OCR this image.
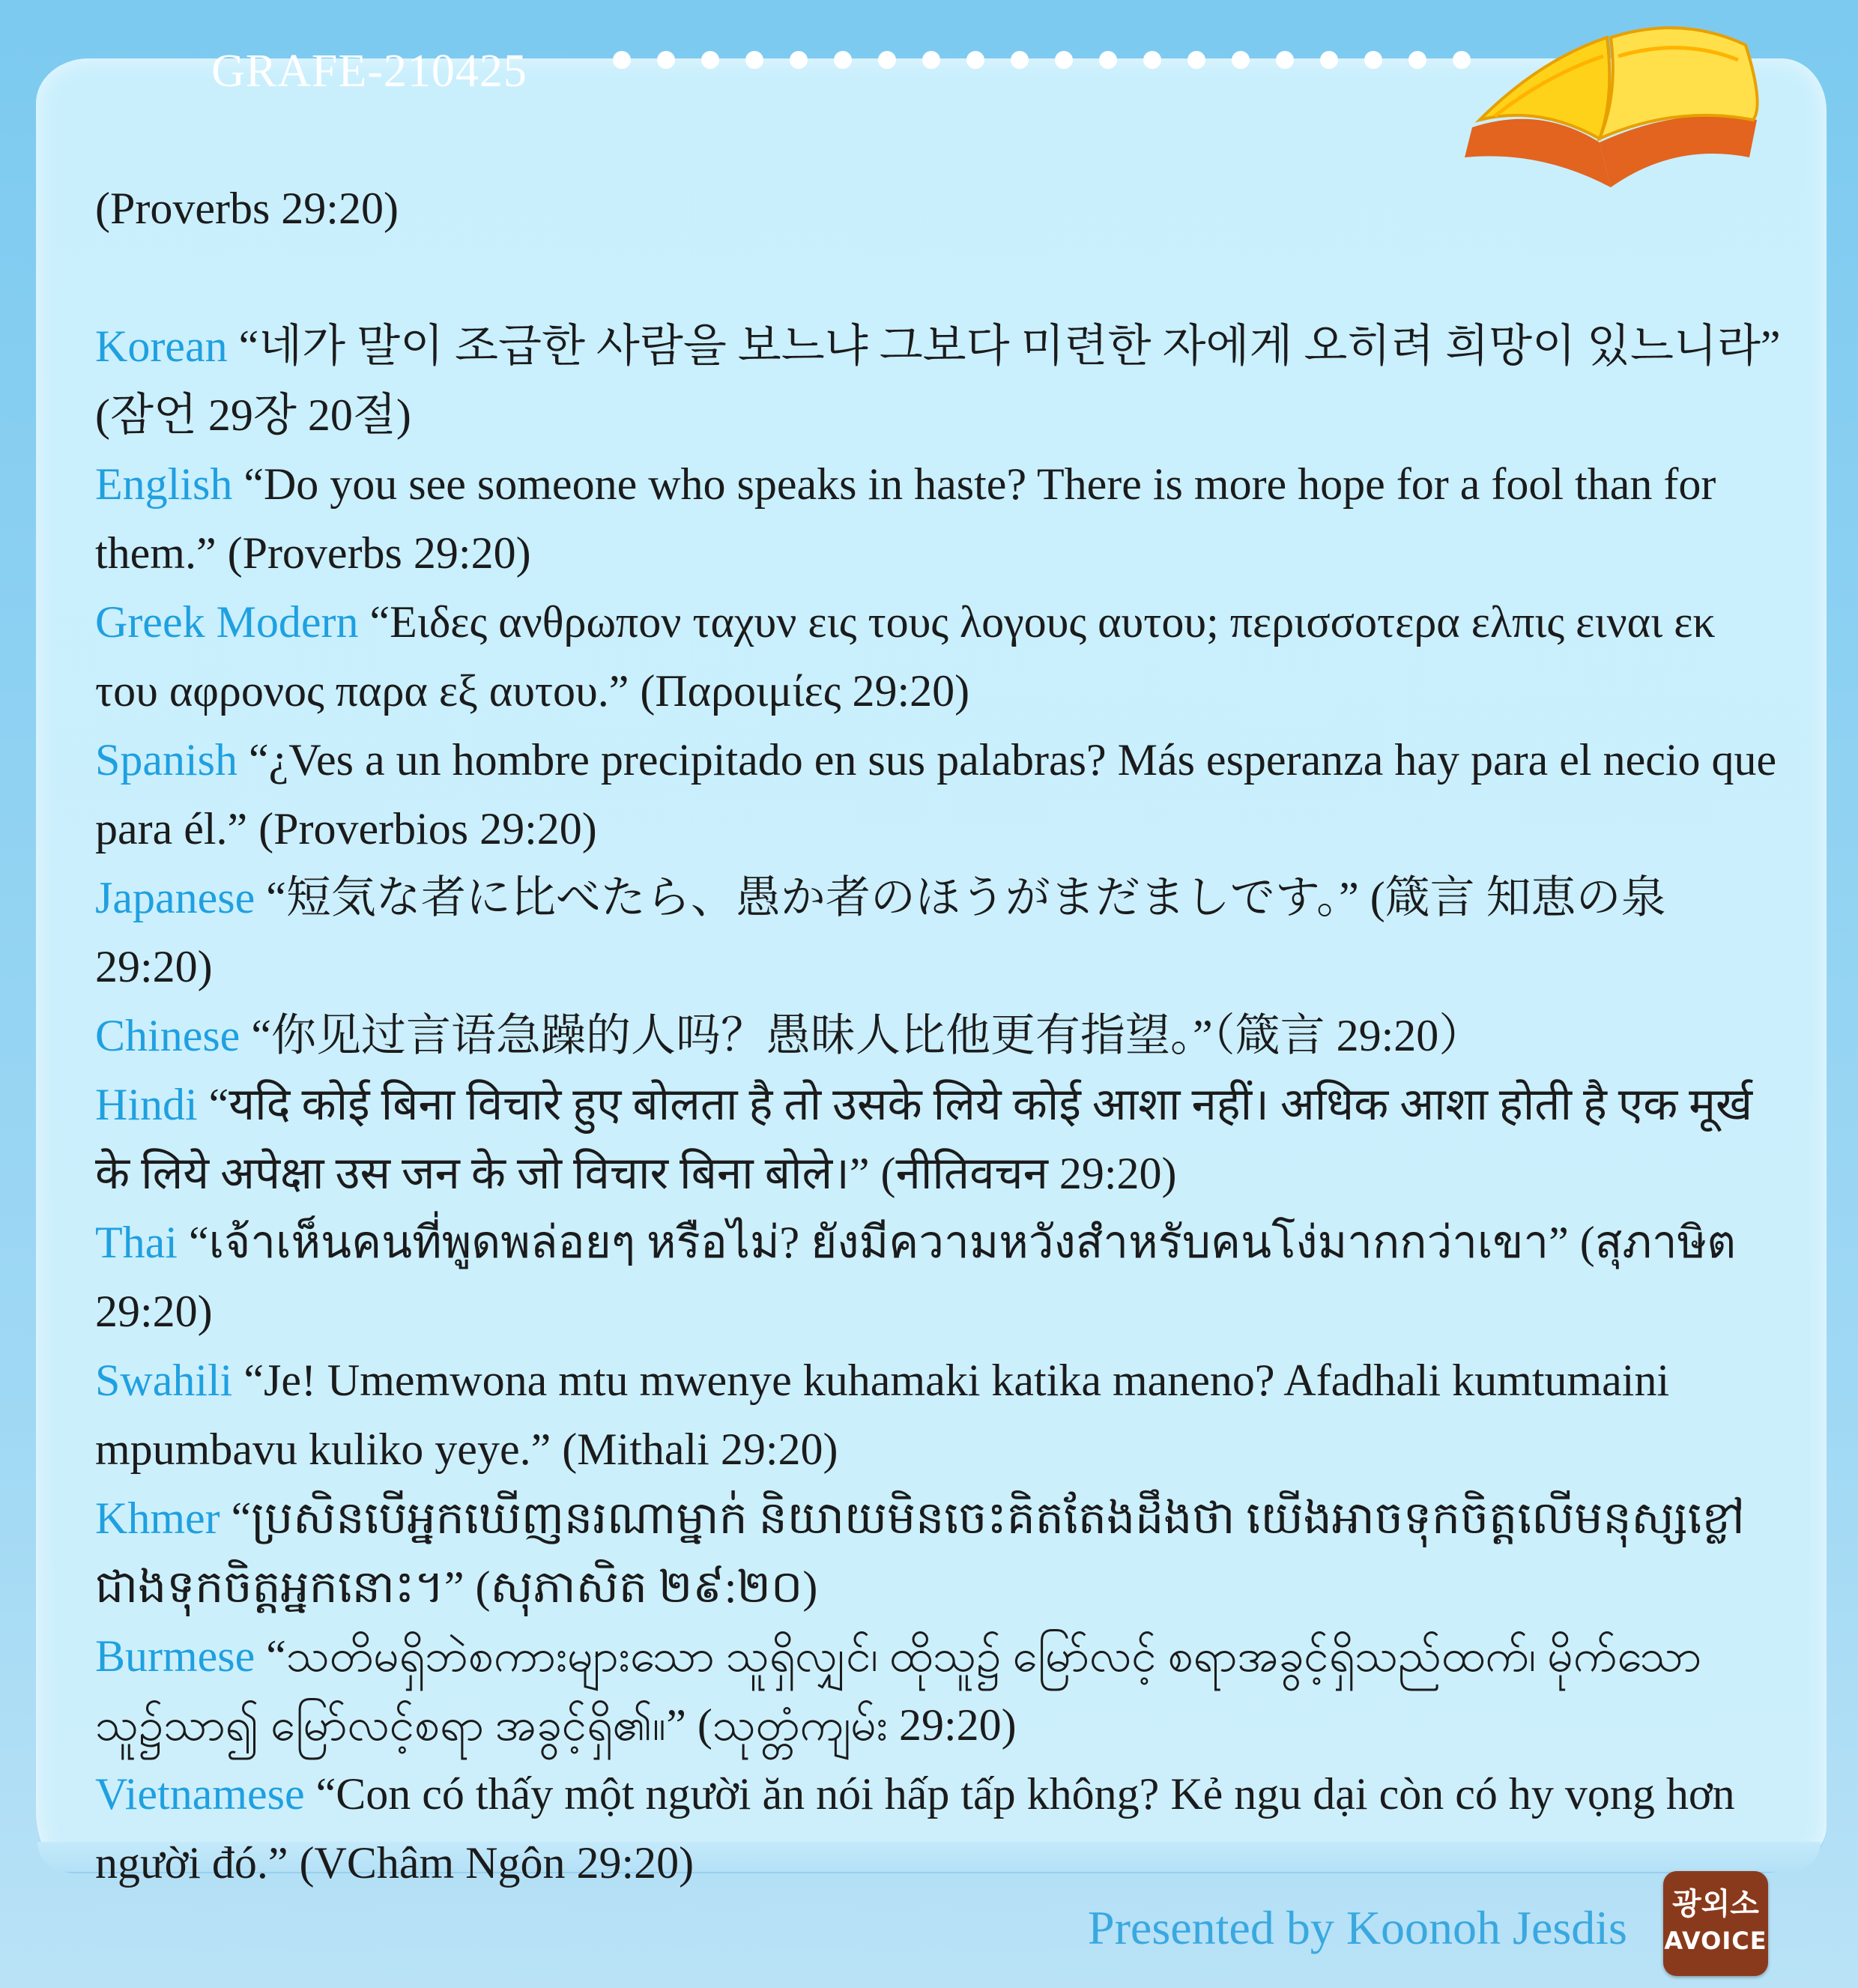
GRAFE-210425

(Proverbs 29:20)

Korean “네가 말이 조급한 사람을 보느냐 그보다 미련한 자에게 오히려 희망이 있느니라” (잠언 29장 20절)

English “Do you see someone who speaks in haste? There is more hope for a fool than for them.” (Proverbs 29:20)

Greek Modern “Ειδες ανθρωπον ταχυν εις τους λογους αυτου; περισσοτερα ελπις ειναι εκ του αφρονος παρα εξ αυτου.” (Παροιμίες 29:20)

Spanish “¿Ves a un hombre precipitado en sus palabras? Más esperanza hay para el necio que para él.” (Proverbios 29:20)

Japanese “短気な者に比べたら、愚か者のほうがまだましです。” (箴言 知恵の泉 29:20)

Chinese “你见过言语急躁的人吗？愚昧人比他更有指望。”（箴言 29:20）

Hindi “यदि कोई बिना विचारे हुए बोलता है तो उसके लिये कोई आशा नहीं। अधिक आशा होती है एक मूर्ख के लिये अपेक्षा उस जन के जो विचार बिना बोले।” (नीतिवचन 29:20)

Thai “เจ้าเห็นคนที่พูดพล่อยๆ หรือไม่? ยังมีความหวังสำหรับคนโง่มากกว่าเขา” (สุภาษิต 29:20)

Swahili “Je! Umemwona mtu mwenye kuhamaki katika maneno? Afadhali kumtumaini mpumbavu kuliko yeye.” (Mithali 29:20)

Khmer “ប្រសិនបើអ្នកឃើញនរណាម្នាក់ និយាយមិនចេះគិតតែងដឹងថា យើងអាចទុកចិត្តលើមនុស្សខ្លៅជាងទុកចិត្តអ្នកនោះ។” (សុភាសិត ២៩:២០)

Burmese “သတိမရှိဘဲစကားများသော သူရှိလျှင်၊ ထိုသူ၌ မြော်လင့် စရာအခွင့်ရှိသည်ထက်၊ မိုက်သောသူ၌သာ၍ မြော်လင့်စရာ အခွင့်ရှိ၏။” (သုတ္တံကျမ်း 29:20)

Vietnamese “Con có thấy một người ăn nói hấp tấp không? Kẻ ngu dại còn có hy vọng hơn người đó.” (VChâm Ngôn 29:20)

Presented by Koonoh Jesdis	광외소
AVOICE
